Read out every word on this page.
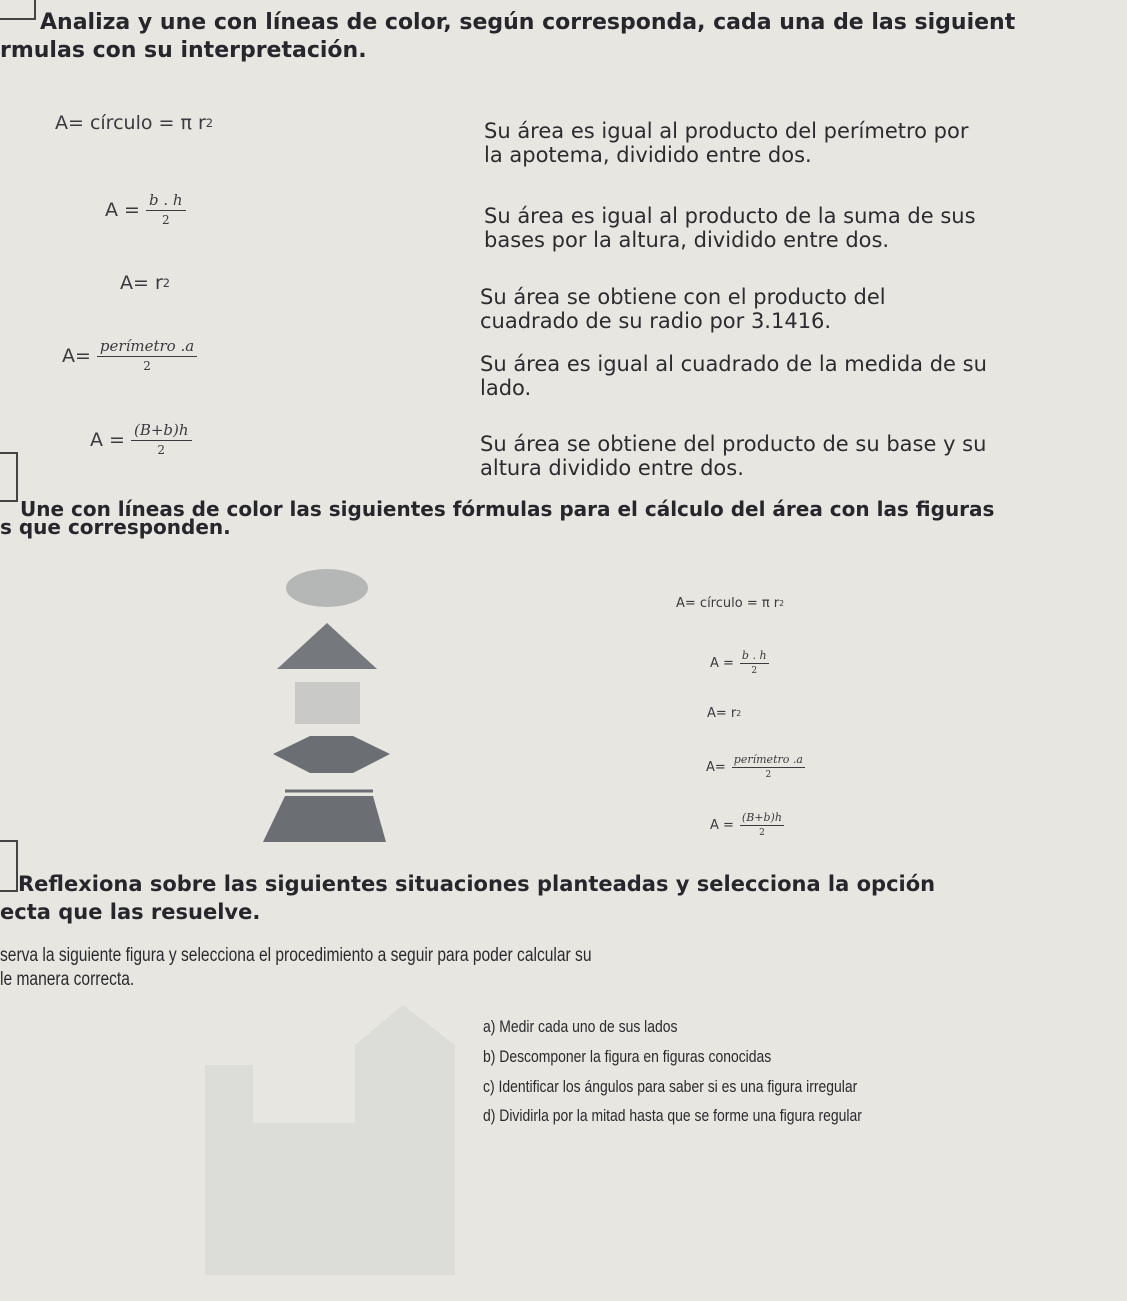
Analiza y une con líneas de color, según corresponda, cada una de las siguient
rmulas con su interpretación.
A= círculo = π r 2
$A = \frac{b . h}{2}$
A= r 2
$A= \frac{\text{perímetro .a}}{2}$
$A = \frac{(B+b)h}{2}$
Su área es igual al producto del perímetro por
la apotema, dividido entre dos.
Su área es igual al producto de la suma de sus
bases por la altura, dividido entre dos.
Su área se obtiene con el producto del
cuadrado de su radio por 3.1416.
Su área es igual al cuadrado de la medida de su
lado.
Su área se obtiene del producto de su base y su
altura dividido entre dos.
Une con líneas de color las siguientes fórmulas para el cálculo del área con las figuras
s que corresponden.
A= círculo = π r 2
$A = \frac{b . h}{2}$
A= r 2
$A= \frac{\text{perímetro .a}}{2}$
$A = \frac{(B+b)h}{2}$
Reflexiona sobre las siguientes situaciones planteadas y selecciona la opción
ecta que las resuelve.
serva la siguiente figura y selecciona el procedimiento a seguir para poder calcular su
le manera correcta.
a) Medir cada uno de sus lados
b) Descomponer la figura en figuras conocidas
c) Identificar los ángulos para saber si es una figura irregular
d) Dividirla por la mitad hasta que se forme una figura regular
